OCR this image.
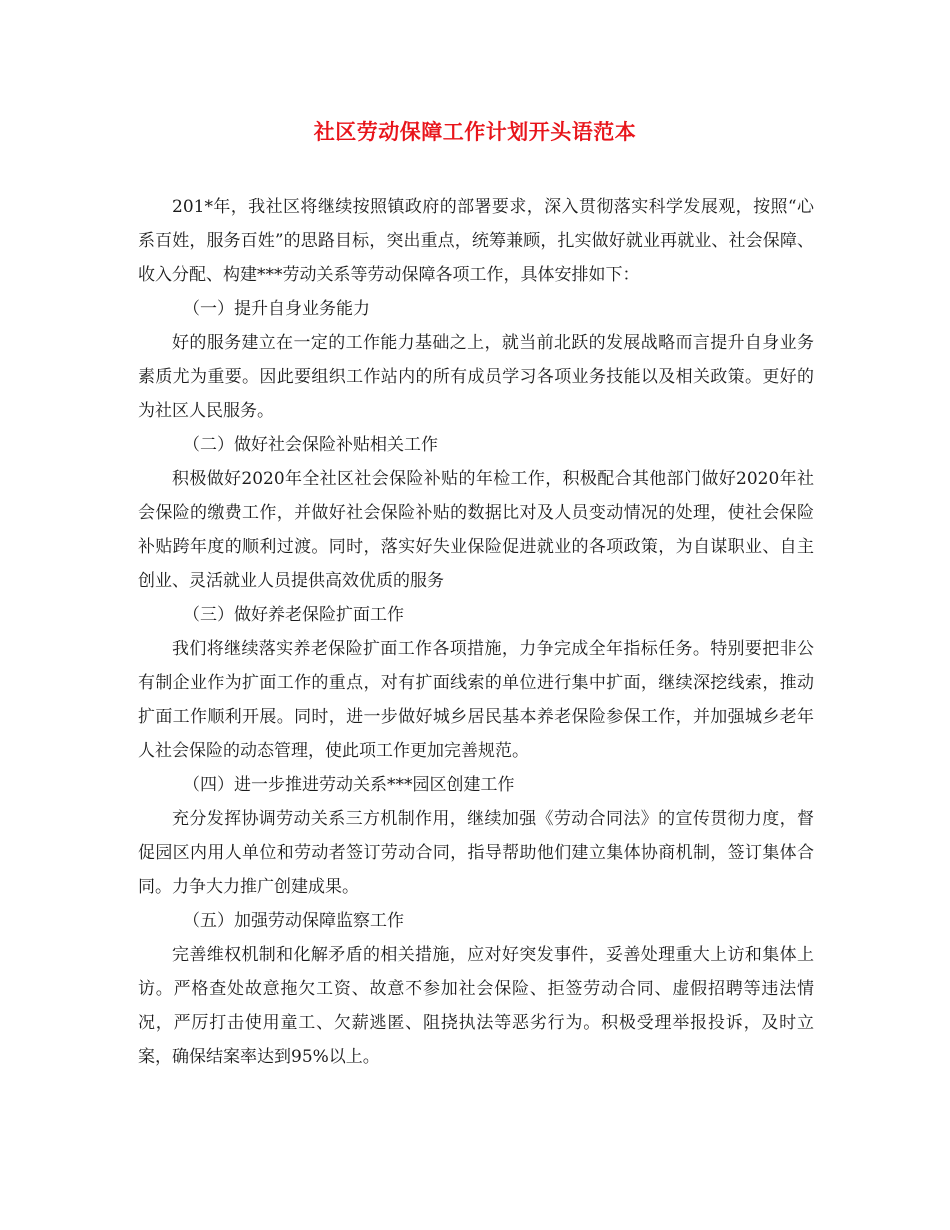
社区劳动保障工作计划开头语范本

201*年，我社区将继续按照镇政府的部署要求，深入贯彻落实科学发展观，按照“心系百姓，服务百姓”的思路目标，突出重点，统筹兼顾，扎实做好就业再就业、社会保障、收入分配、构建***劳动关系等劳动保障各项工作，具体安排如下：

（一）提升自身业务能力

好的服务建立在一定的工作能力基础之上，就当前北跃的发展战略而言提升自身业务素质尤为重要。因此要组织工作站内的所有成员学习各项业务技能以及相关政策。更好的为社区人民服务。

（二）做好社会保险补贴相关工作

积极做好2020年全社区社会保险补贴的年检工作，积极配合其他部门做好2020年社会保险的缴费工作，并做好社会保险补贴的数据比对及人员变动情况的处理，使社会保险补贴跨年度的顺利过渡。同时，落实好失业保险促进就业的各项政策，为自谋职业、自主创业、灵活就业人员提供高效优质的服务

（三）做好养老保险扩面工作

我们将继续落实养老保险扩面工作各项措施，力争完成全年指标任务。特别要把非公有制企业作为扩面工作的重点，对有扩面线索的单位进行集中扩面，继续深挖线索，推动扩面工作顺利开展。同时，进一步做好城乡居民基本养老保险参保工作，并加强城乡老年人社会保险的动态管理，使此项工作更加完善规范。

（四）进一步推进劳动关系***园区创建工作

充分发挥协调劳动关系三方机制作用，继续加强《劳动合同法》的宣传贯彻力度，督促园区内用人单位和劳动者签订劳动合同，指导帮助他们建立集体协商机制，签订集体合同。力争大力推广创建成果。

（五）加强劳动保障监察工作

完善维权机制和化解矛盾的相关措施，应对好突发事件，妥善处理重大上访和集体上访。严格查处故意拖欠工资、故意不参加社会保险、拒签劳动合同、虚假招聘等违法情况，严厉打击使用童工、欠薪逃匿、阻挠执法等恶劣行为。积极受理举报投诉，及时立案，确保结案率达到95%以上。
